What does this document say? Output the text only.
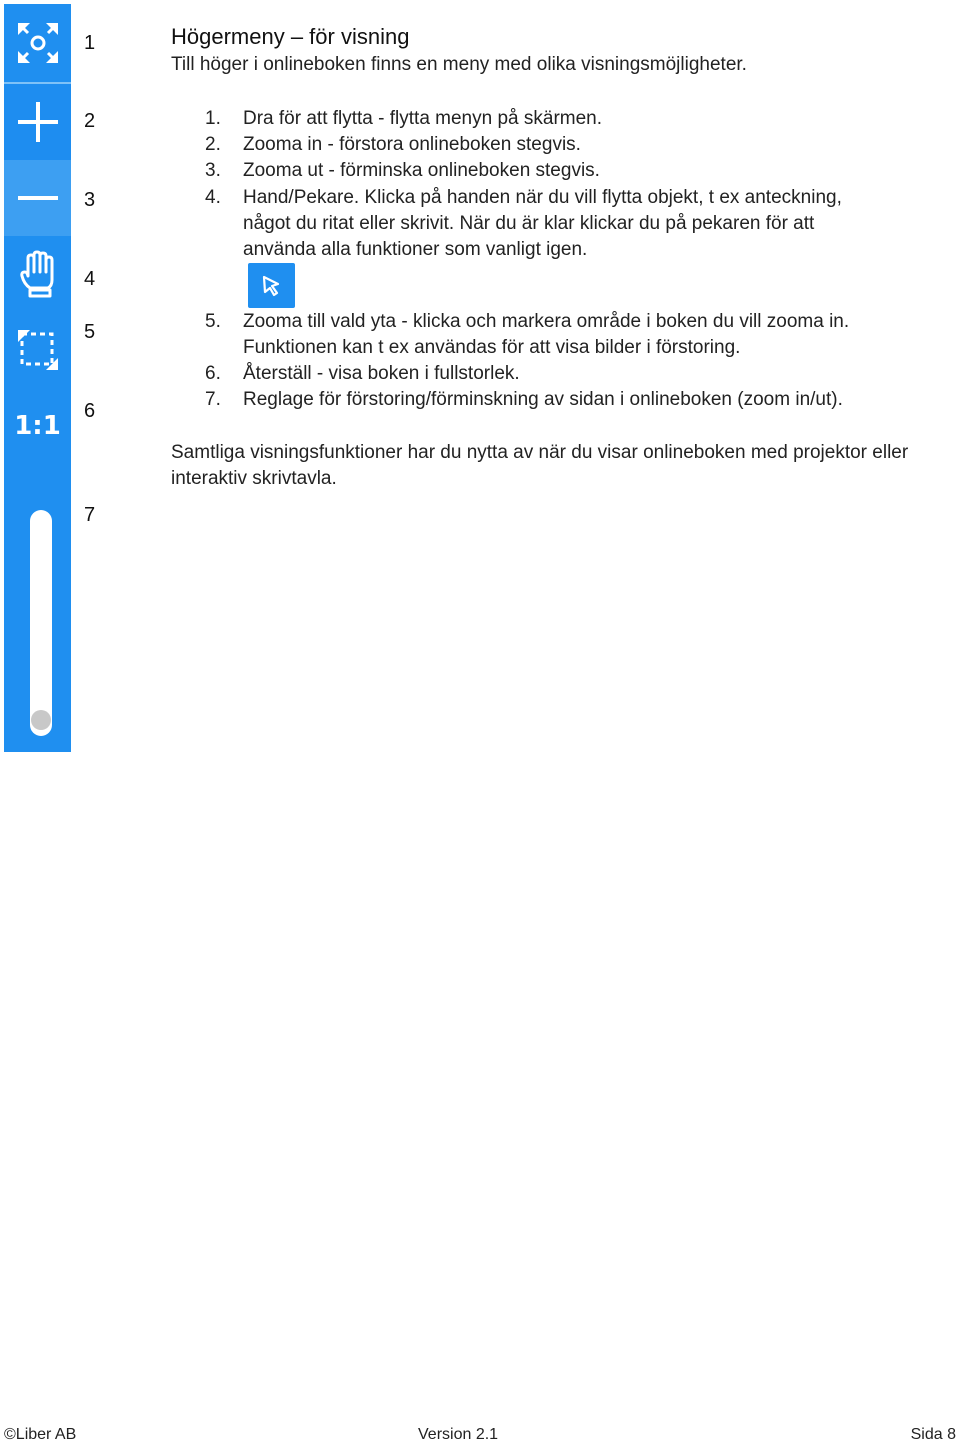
1:1
1
2
3
4
5
6
7
Högermeny – för visning
Till höger i onlineboken finns en meny med olika visningsmöjligheter.
1.	Dra för att flytta - flytta menyn på skärmen.
2.	Zooma in - förstora onlineboken stegvis.
3.	Zooma ut - förminska onlineboken stegvis.
4.	Hand/Pekare. Klicka på handen när du vill flytta objekt, t ex anteckning, något du ritat eller skrivit. När du är klar klickar du på pekaren för att använda alla funktioner som vanligt igen.
5.	Zooma till vald yta - klicka och markera område i boken du vill zooma in. Funktionen kan t ex användas för att visa bilder i förstoring.
6.	Återställ - visa boken i fullstorlek.
7.	Reglage för förstoring/förminskning av sidan i onlineboken (zoom in/ut).
Samtliga visningsfunktioner har du nytta av när du visar onlineboken med projektor eller interaktiv skrivtavla.
©Liber AB	Version 2.1	Sida 8
